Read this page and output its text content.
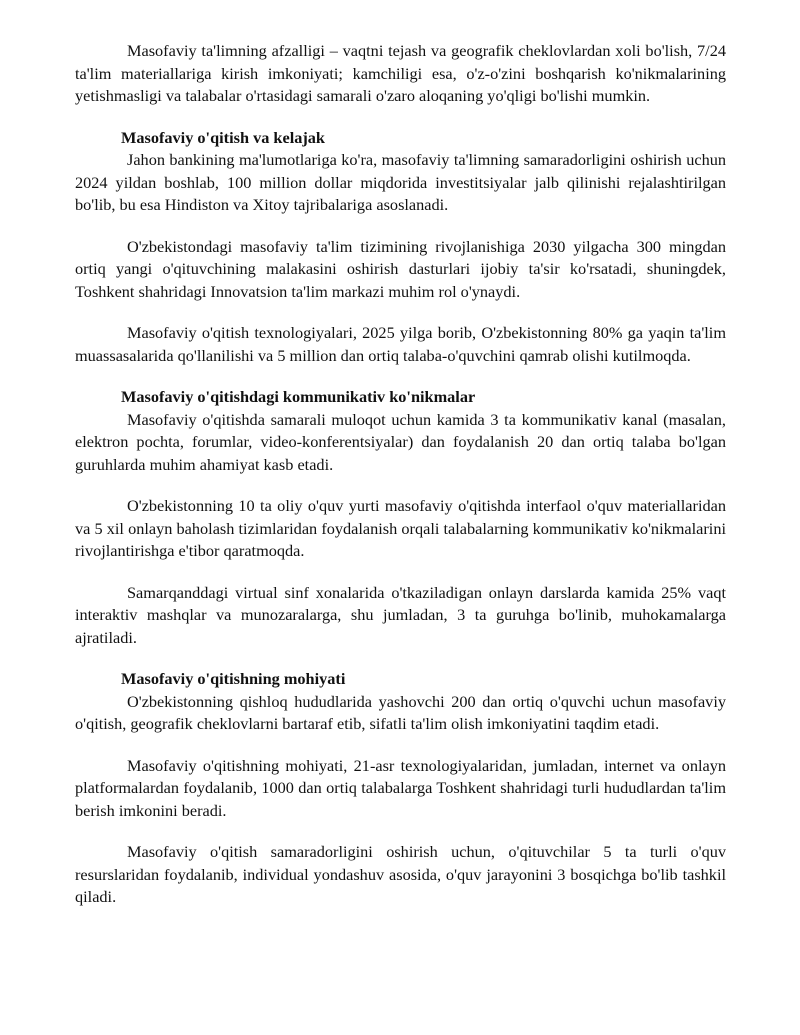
Masofaviy ta'limning afzalligi – vaqtni tejash va geografik cheklovlardan xoli bo'lish, 7/24 ta'lim materiallariga kirish imkoniyati; kamchiligi esa, o'z-o'zini boshqarish ko'nikmalarining yetishmasligi va talabalar o'rtasidagi samarali o'zaro aloqaning yo'qligi bo'lishi mumkin.

Masofaviy o'qitish va kelajak

Jahon bankining ma'lumotlariga ko'ra, masofaviy ta'limning samaradorligini oshirish uchun 2024 yildan boshlab, 100 million dollar miqdorida investitsiyalar jalb qilinishi rejalashtirilgan bo'lib, bu esa Hindiston va Xitoy tajribalariga asoslanadi.

O'zbekistondagi masofaviy ta'lim tizimining rivojlanishiga 2030 yilgacha 300 mingdan ortiq yangi o'qituvchining malakasini oshirish dasturlari ijobiy ta'sir ko'rsatadi, shuningdek, Toshkent shahridagi Innovatsion ta'lim markazi muhim rol o'ynaydi.

Masofaviy o'qitish texnologiyalari, 2025 yilga borib, O'zbekistonning 80% ga yaqin ta'lim muassasalarida qo'llanilishi va 5 million dan ortiq talaba-o'quvchini qamrab olishi kutilmoqda.

Masofaviy o'qitishdagi kommunikativ ko'nikmalar

Masofaviy o'qitishda samarali muloqot uchun kamida 3 ta kommunikativ kanal (masalan, elektron pochta, forumlar, video-konferentsiyalar) dan foydalanish 20 dan ortiq talaba bo'lgan guruhlarda muhim ahamiyat kasb etadi.

O'zbekistonning 10 ta oliy o'quv yurti masofaviy o'qitishda interfaol o'quv materiallaridan va 5 xil onlayn baholash tizimlaridan foydalanish orqali talabalarning kommunikativ ko'nikmalarini rivojlantirishga e'tibor qaratmoqda.

Samarqanddagi virtual sinf xonalarida o'tkaziladigan onlayn darslarda kamida 25% vaqt interaktiv mashqlar va munozaralarga, shu jumladan, 3 ta guruhga bo'linib, muhokamalarga ajratiladi.

Masofaviy o'qitishning mohiyati

O'zbekistonning qishloq hududlarida yashovchi 200 dan ortiq o'quvchi uchun masofaviy o'qitish, geografik cheklovlarni bartaraf etib, sifatli ta'lim olish imkoniyatini taqdim etadi.

Masofaviy o'qitishning mohiyati, 21-asr texnologiyalaridan, jumladan, internet va onlayn platformalardan foydalanib, 1000 dan ortiq talabalarga Toshkent shahridagi turli hududlardan ta'lim berish imkonini beradi.

Masofaviy o'qitish samaradorligini oshirish uchun, o'qituvchilar 5 ta turli o'quv resurslaridan foydalanib, individual yondashuv asosida, o'quv jarayonini 3 bosqichga bo'lib tashkil qiladi.
